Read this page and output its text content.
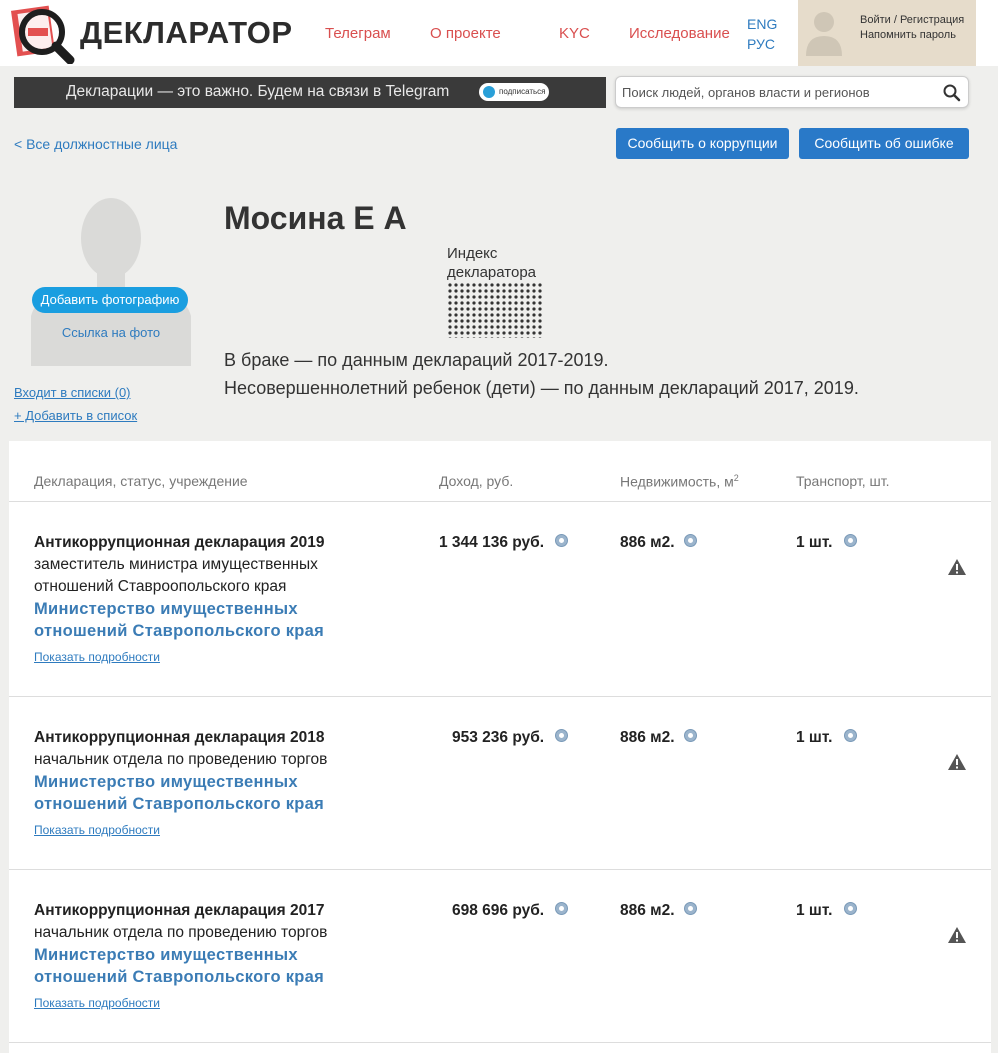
ДЕКЛАРАТОР Телеграм	О проекте	KYC	Исследование
ENG
РУС
Войти / Регистрация
Напомнить пароль
Декларации — это важно. Будем на связи в Telegram	подписаться
Поиск людей, органов власти и регионов
< Все должностные лица	Сообщить о коррупции	Сообщить об ошибке
Добавить фотографию
Ссылка на фото
Входит в списки (0)
+ Добавить в список
Мосина Е А
Индекс
декларатора
В браке — по данным деклараций 2017-2019.
Несовершеннолетний ребенок (дети) — по данным деклараций 2017, 2019.
Декларация, статус, учреждение	Доход, руб.	Недвижимость, $м^2$	Транспорт, шт.
Антикоррупционная декларация 2019
заместитель министра имущественных
отношений Ставроопольского края
Министерство имущественных
отношений Ставропольского края
Показать подробности
1 344 136 руб.	886 м2.	1 шт.
Антикоррупционная декларация 2018
начальник отдела по проведению торгов
Министерство имущественных
отношений Ставропольского края
Показать подробности
953 236 руб.	886 м2.	1 шт.
Антикоррупционная декларация 2017
начальник отдела по проведению торгов
Министерство имущественных
отношений Ставропольского края
Показать подробности
698 696 руб.	886 м2.	1 шт.
